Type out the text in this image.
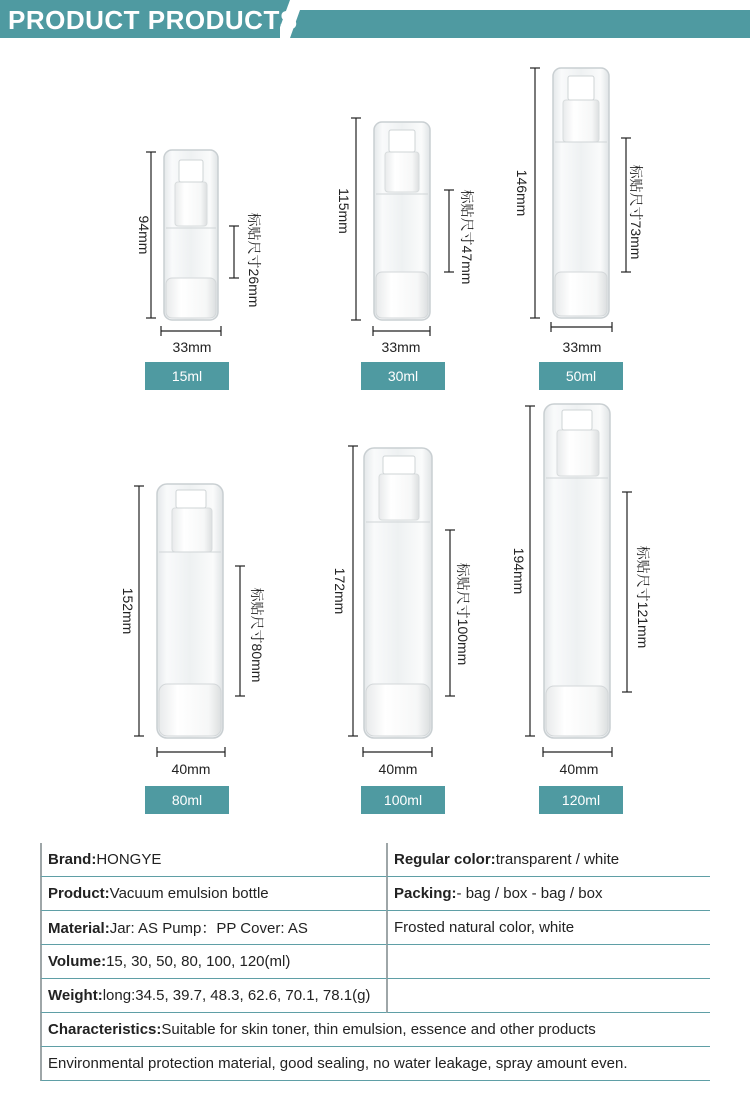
PRODUCT PRODUCTS
94mm
115mm	146mm
152mm	172mm	194mm
标贴尺寸26mm
标贴尺寸47mm
标贴尺寸73mm
标贴尺寸80mm
标贴尺寸100mm
标贴尺寸121mm
33mm	33mm	33mm
40mm	40mm	40mm
15ml	30ml	50ml
80ml	100ml	120ml
Brand:HONGYE	Regular color:transparent / white
Product:Vacuum emulsion bottle	Packing:- bag / box - bag / box
Material:Jar: AS Pump：PP Cover: AS	Frosted natural color, white
Volume:15, 30, 50, 80, 100, 120(ml)	
Weight:long:34.5, 39.7, 48.3, 62.6, 70.1, 78.1(g)	
Characteristics:Suitable for skin toner, thin emulsion, essence and other products	
Environmental protection material, good sealing, no water leakage, spray amount even.	
